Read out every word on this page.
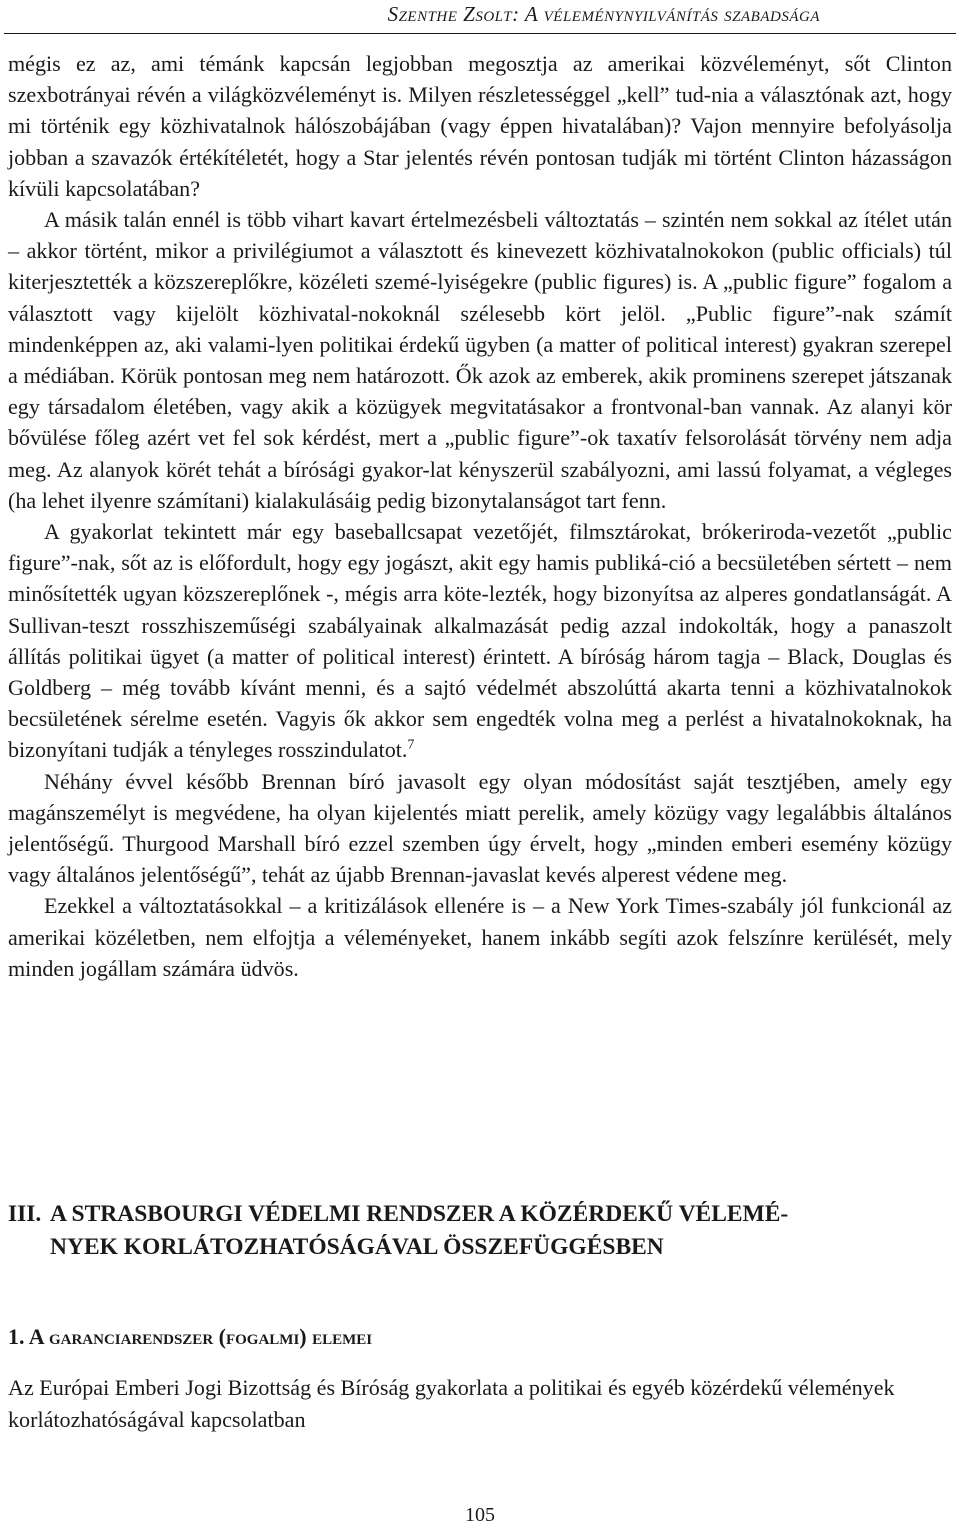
Szenthe Zsolt: A véleménynyilvánítás szabadsága

mégis ez az, ami témánk kapcsán legjobban megosztja az amerikai közvéleményt, sőt Clinton szexbotrányai révén a világközvéleményt is. Milyen részletességgel „kell” tud-nia a választónak azt, hogy mi történik egy közhivatalnok hálószobájában (vagy éppen hivatalában)? Vajon mennyire befolyásolja jobban a szavazók értékítéletét, hogy a Star jelentés révén pontosan tudják mi történt Clinton házasságon kívüli kapcsolatában?

A másik talán ennél is több vihart kavart értelmezésbeli változtatás – szintén nem sokkal az ítélet után – akkor történt, mikor a privilégiumot a választott és kinevezett közhivatalnokokon (public officials) túl kiterjesztették a közszereplőkre, közéleti szemé-lyiségekre (public figures) is. A „public figure” fogalom a választott vagy kijelölt közhivatal-nokoknál szélesebb kört jelöl. „Public figure”-nak számít mindenképpen az, aki valami-lyen politikai érdekű ügyben (a matter of political interest) gyakran szerepel a médiában. Körük pontosan meg nem határozott. Ők azok az emberek, akik prominens szerepet játszanak egy társadalom életében, vagy akik a közügyek megvitatásakor a frontvonal-ban vannak. Az alanyi kör bővülése főleg azért vet fel sok kérdést, mert a „public figure”-ok taxatív felsorolását törvény nem adja meg. Az alanyok körét tehát a bírósági gyakor-lat kényszerül szabályozni, ami lassú folyamat, a végleges (ha lehet ilyenre számítani) kialakulásáig pedig bizonytalanságot tart fenn.

A gyakorlat tekintett már egy baseballcsapat vezetőjét, filmsztárokat, brókeriroda-vezetőt „public figure”-nak, sőt az is előfordult, hogy egy jogászt, akit egy hamis publiká-ció a becsületében sértett – nem minősítették ugyan közszereplőnek -, mégis arra köte-lezték, hogy bizonyítsa az alperes gondatlanságát. A Sullivan-teszt rosszhiszeműségi szabályainak alkalmazását pedig azzal indokolták, hogy a panaszolt állítás politikai ügyet (a matter of political interest) érintett. A bíróság három tagja – Black, Douglas és Goldberg – még tovább kívánt menni, és a sajtó védelmét abszolúttá akarta tenni a közhivatalnokok becsületének sérelme esetén. Vagyis ők akkor sem engedték volna meg a perlést a hivatalnokoknak, ha bizonyítani tudják a tényleges rosszindulatot.$^7$

Néhány évvel később Brennan bíró javasolt egy olyan módosítást saját tesztjében, amely egy magánszemélyt is megvédene, ha olyan kijelentés miatt perelik, amely közügy vagy legalábbis általános jelentőségű. Thurgood Marshall bíró ezzel szemben úgy érvelt, hogy „minden emberi esemény közügy vagy általános jelentőségű”, tehát az újabb Brennan-javaslat kevés alperest védene meg.

Ezekkel a változtatásokkal – a kritizálások ellenére is – a New York Times-szabály jól funkcionál az amerikai közéletben, nem elfojtja a véleményeket, hanem inkább segíti azok felszínre kerülését, mely minden jogállam számára üdvös.

III. A STRASBOURGI VÉDELMI RENDSZER A KÖZÉRDEKŰ VÉLEMÉ-
NYEK KORLÁTOZHATÓSÁGÁVAL ÖSSZEFÜGGÉSBEN
1. A garanciarendszer (fogalmi) elemei
Az Európai Emberi Jogi Bizottság és Bíróság gyakorlata a politikai és egyéb közérdekű vélemények korlátozhatóságával kapcsolatban
105
